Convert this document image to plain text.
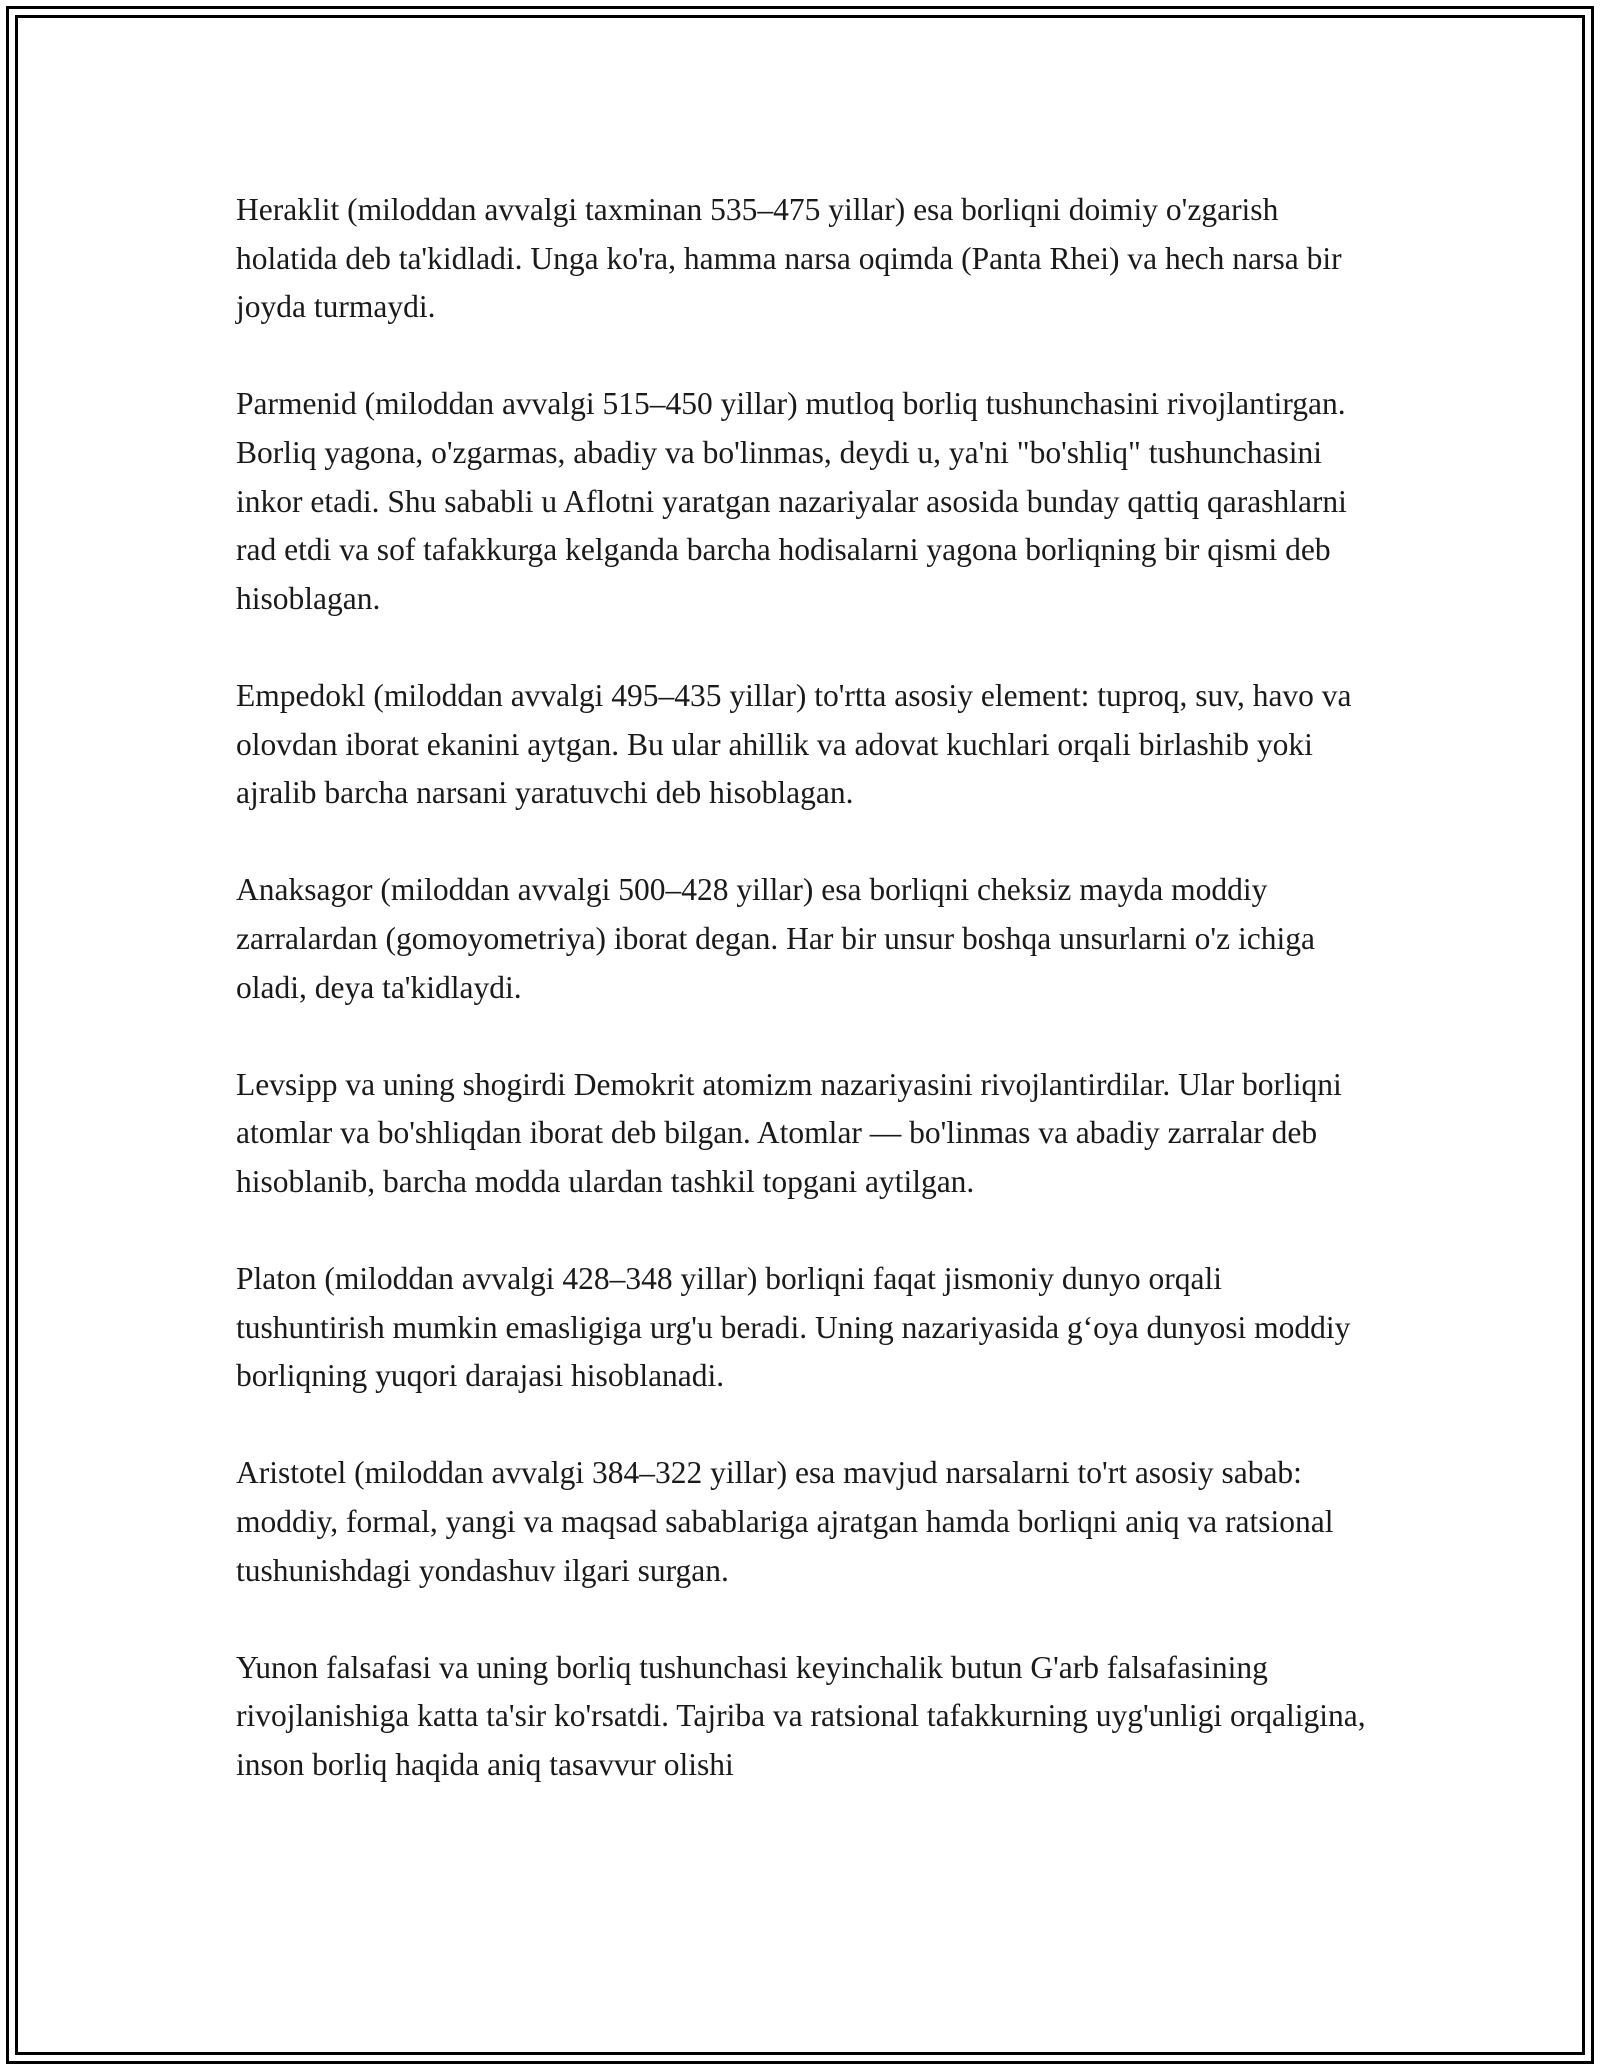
Heraklit (miloddan avvalgi taxminan 535–475 yillar) esa borliqni doimiy o'zgarish holatida deb ta'kidladi. Unga ko'ra, hamma narsa oqimda (Panta Rhei) va hech narsa bir joyda turmaydi.

Parmenid (miloddan avvalgi 515–450 yillar) mutloq borliq tushunchasini rivojlantirgan. Borliq yagona, o'zgarmas, abadiy va bo'linmas, deydi u, ya'ni "bo'shliq" tushunchasini inkor etadi. Shu sababli u Aflotni yaratgan nazariyalar asosida bunday qattiq qarashlarni rad etdi va sof tafakkurga kelganda barcha hodisalarni yagona borliqning bir qismi deb hisoblagan.

Empedokl (miloddan avvalgi 495–435 yillar) to'rtta asosiy element: tuproq, suv, havo va olovdan iborat ekanini aytgan. Bu ular ahillik va adovat kuchlari orqali birlashib yoki ajralib barcha narsani yaratuvchi deb hisoblagan.

Anaksagor (miloddan avvalgi 500–428 yillar) esa borliqni cheksiz mayda moddiy zarralardan (gomoyometriya) iborat degan. Har bir unsur boshqa unsurlarni o'z ichiga oladi, deya ta'kidlaydi.

Levsipp va uning shogirdi Demokrit atomizm nazariyasini rivojlantirdilar. Ular borliqni atomlar va bo'shliqdan iborat deb bilgan. Atomlar — bo'linmas va abadiy zarralar deb hisoblanib, barcha modda ulardan tashkil topgani aytilgan.

Platon (miloddan avvalgi 428–348 yillar) borliqni faqat jismoniy dunyo orqali tushuntirish mumkin emasligiga urg'u beradi. Uning nazariyasida gʻoya dunyosi moddiy borliqning yuqori darajasi hisoblanadi.

Aristotel (miloddan avvalgi 384–322 yillar) esa mavjud narsalarni to'rt asosiy sabab: moddiy, formal, yangi va maqsad sabablariga ajratgan hamda borliqni aniq va ratsional tushunishdagi yondashuv ilgari surgan.

Yunon falsafasi va uning borliq tushunchasi keyinchalik butun G'arb falsafasining rivojlanishiga katta ta'sir ko'rsatdi. Tajriba va ratsional tafakkurning uyg'unligi orqaligina, inson borliq haqida aniq tasavvur olishi
